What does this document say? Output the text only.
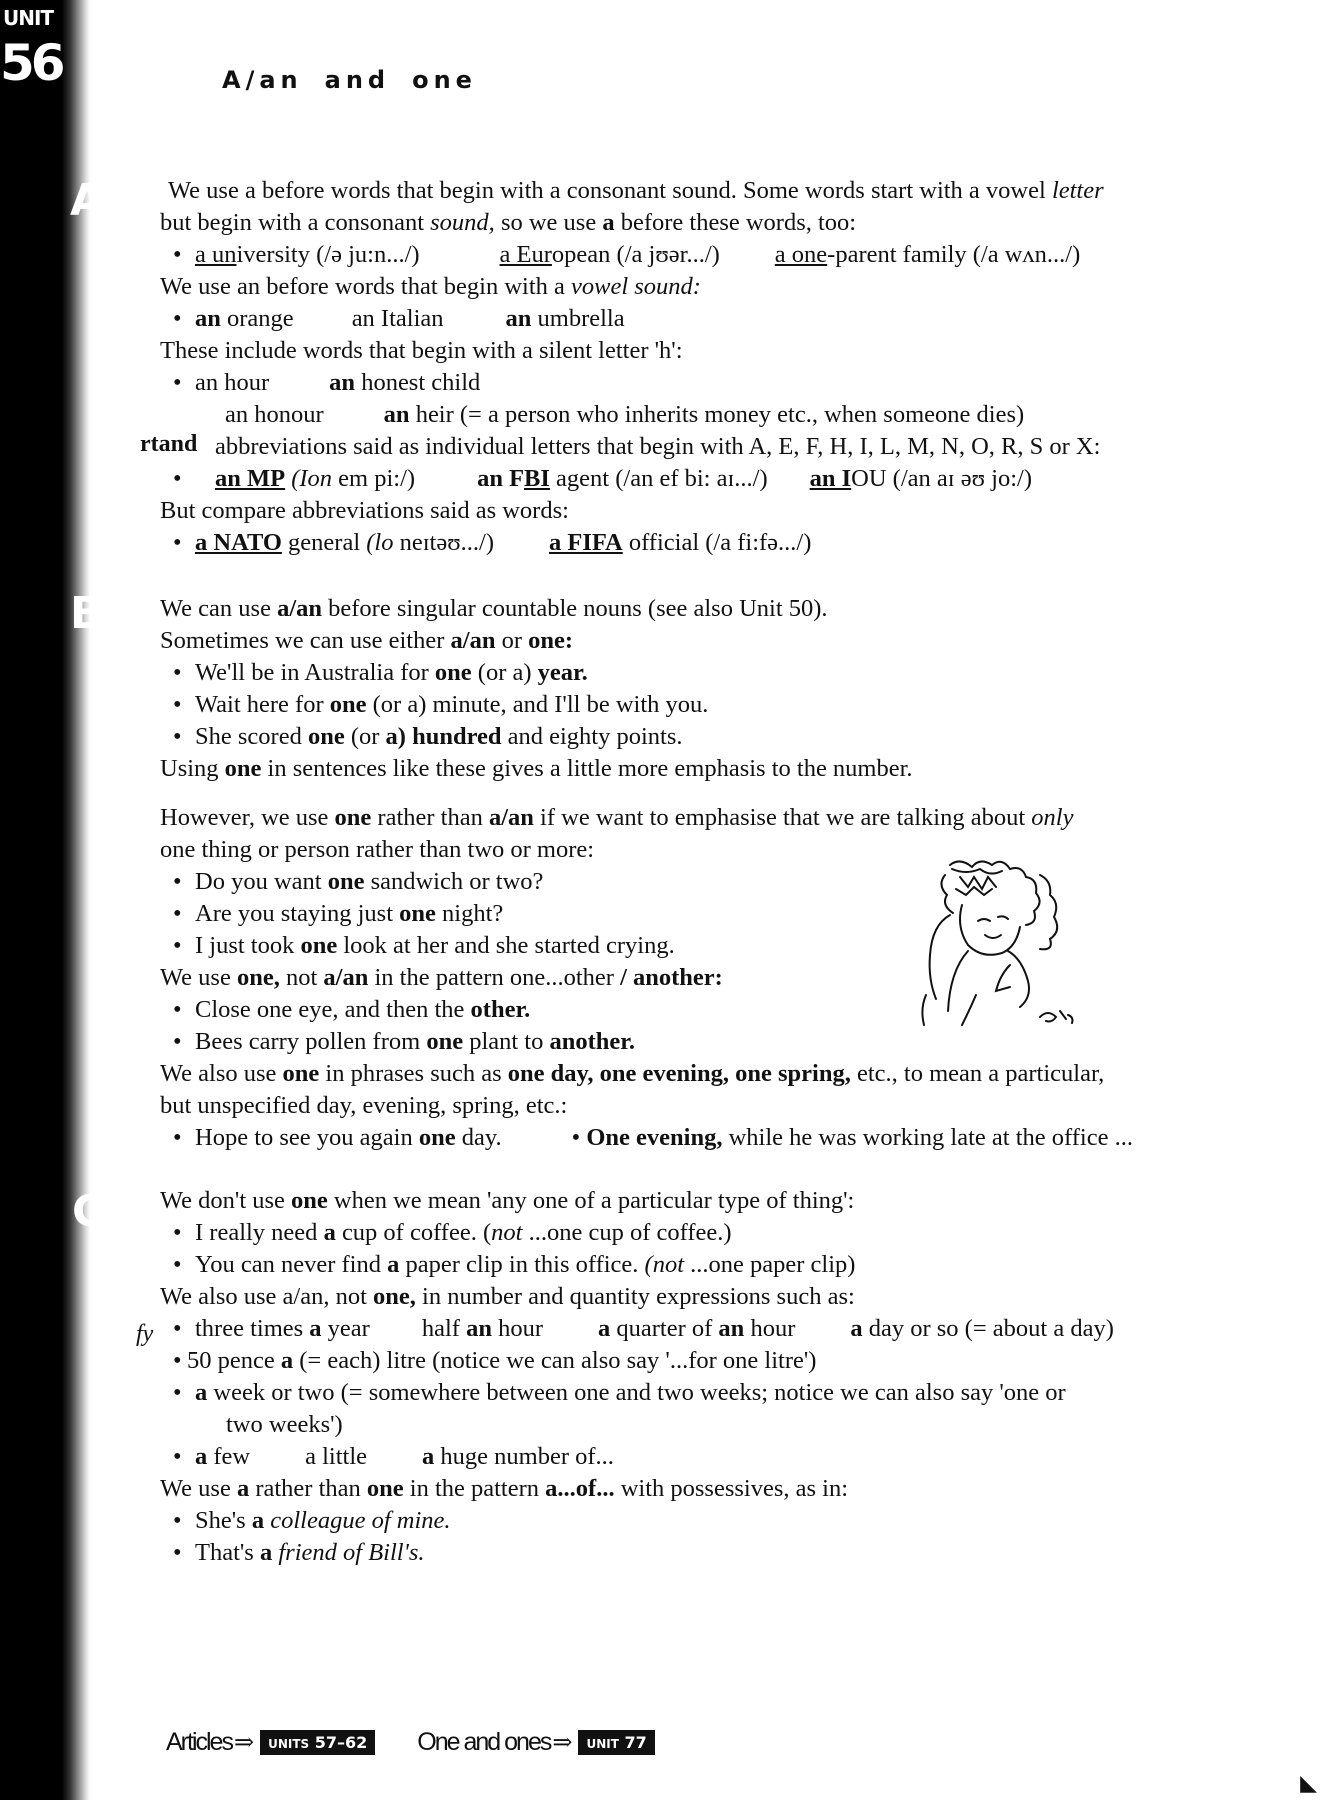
UNIT
56
A
B
C
A/an and one
rtand
fy
We use a before words that begin with a consonant sound. Some words start with a vowel letter
but begin with a consonant sound, so we use a before these words, too:
• a university (/ə ju:n.../)	a European (/a jʊər.../) a one-parent family (/a wʌn.../)
We use an before words that begin with a vowel sound:
• an orange an Italian	an umbrella
These include words that begin with a silent letter 'h':
• an hour an honest child
an honour an heir (= a person who inherits money etc., when someone dies)
abbreviations said as individual letters that begin with A, E, F, H, I, L, M, N, O, R, S or X:
• an MP (Ion em pi:/)	an FBI agent (/an ef bi: aɪ.../) an IOU (/an aɪ əʊ jo:/)
But compare abbreviations said as words:
• a NATO general (lo neɪtəʊ.../) a FIFA official (/a fi:fə.../)
We can use a/an before singular countable nouns (see also Unit 50).
Sometimes we can use either a/an or one:
• We'll be in Australia for one (or a) year.
• Wait here for one (or a) minute, and I'll be with you.
• She scored one (or a) hundred and eighty points.
Using one in sentences like these gives a little more emphasis to the number.
However, we use one rather than a/an if we want to emphasise that we are talking about only
one thing or person rather than two or more:
• Do you want one sandwich or two?
• Are you staying just one night?
• I just took one look at her and she started crying.
We use one, not a/an in the pattern one...other / another:
• Close one eye, and then the other.
• Bees carry pollen from one plant to another.
We also use one in phrases such as one day, one evening, one spring, etc., to mean a particular,
but unspecified day, evening, spring, etc.:
• Hope to see you again one day.	• One evening, while he was working late at the office ...
We don't use one when we mean 'any one of a particular type of thing':
• I really need a cup of coffee. (not ...one cup of coffee.)
• You can never find a paper clip in this office. (not ...one paper clip)
We also use a/an, not one, in number and quantity expressions such as:
• three times a year half an hour a quarter of an hour a day or so (= about a day)
• 50 pence a (= each) litre (notice we can also say '...for one litre')
• a week or two (= somewhere between one and two weeks; notice we can also say 'one or
two weeks')
• a few a little a huge number of...
We use a rather than one in the pattern a...of... with possessives, as in:
• She's a colleague of mine.
• That's a friend of Bill's.
Articles ⇒	UNITS 57–62	One and ones ⇒	UNIT 77
◣
